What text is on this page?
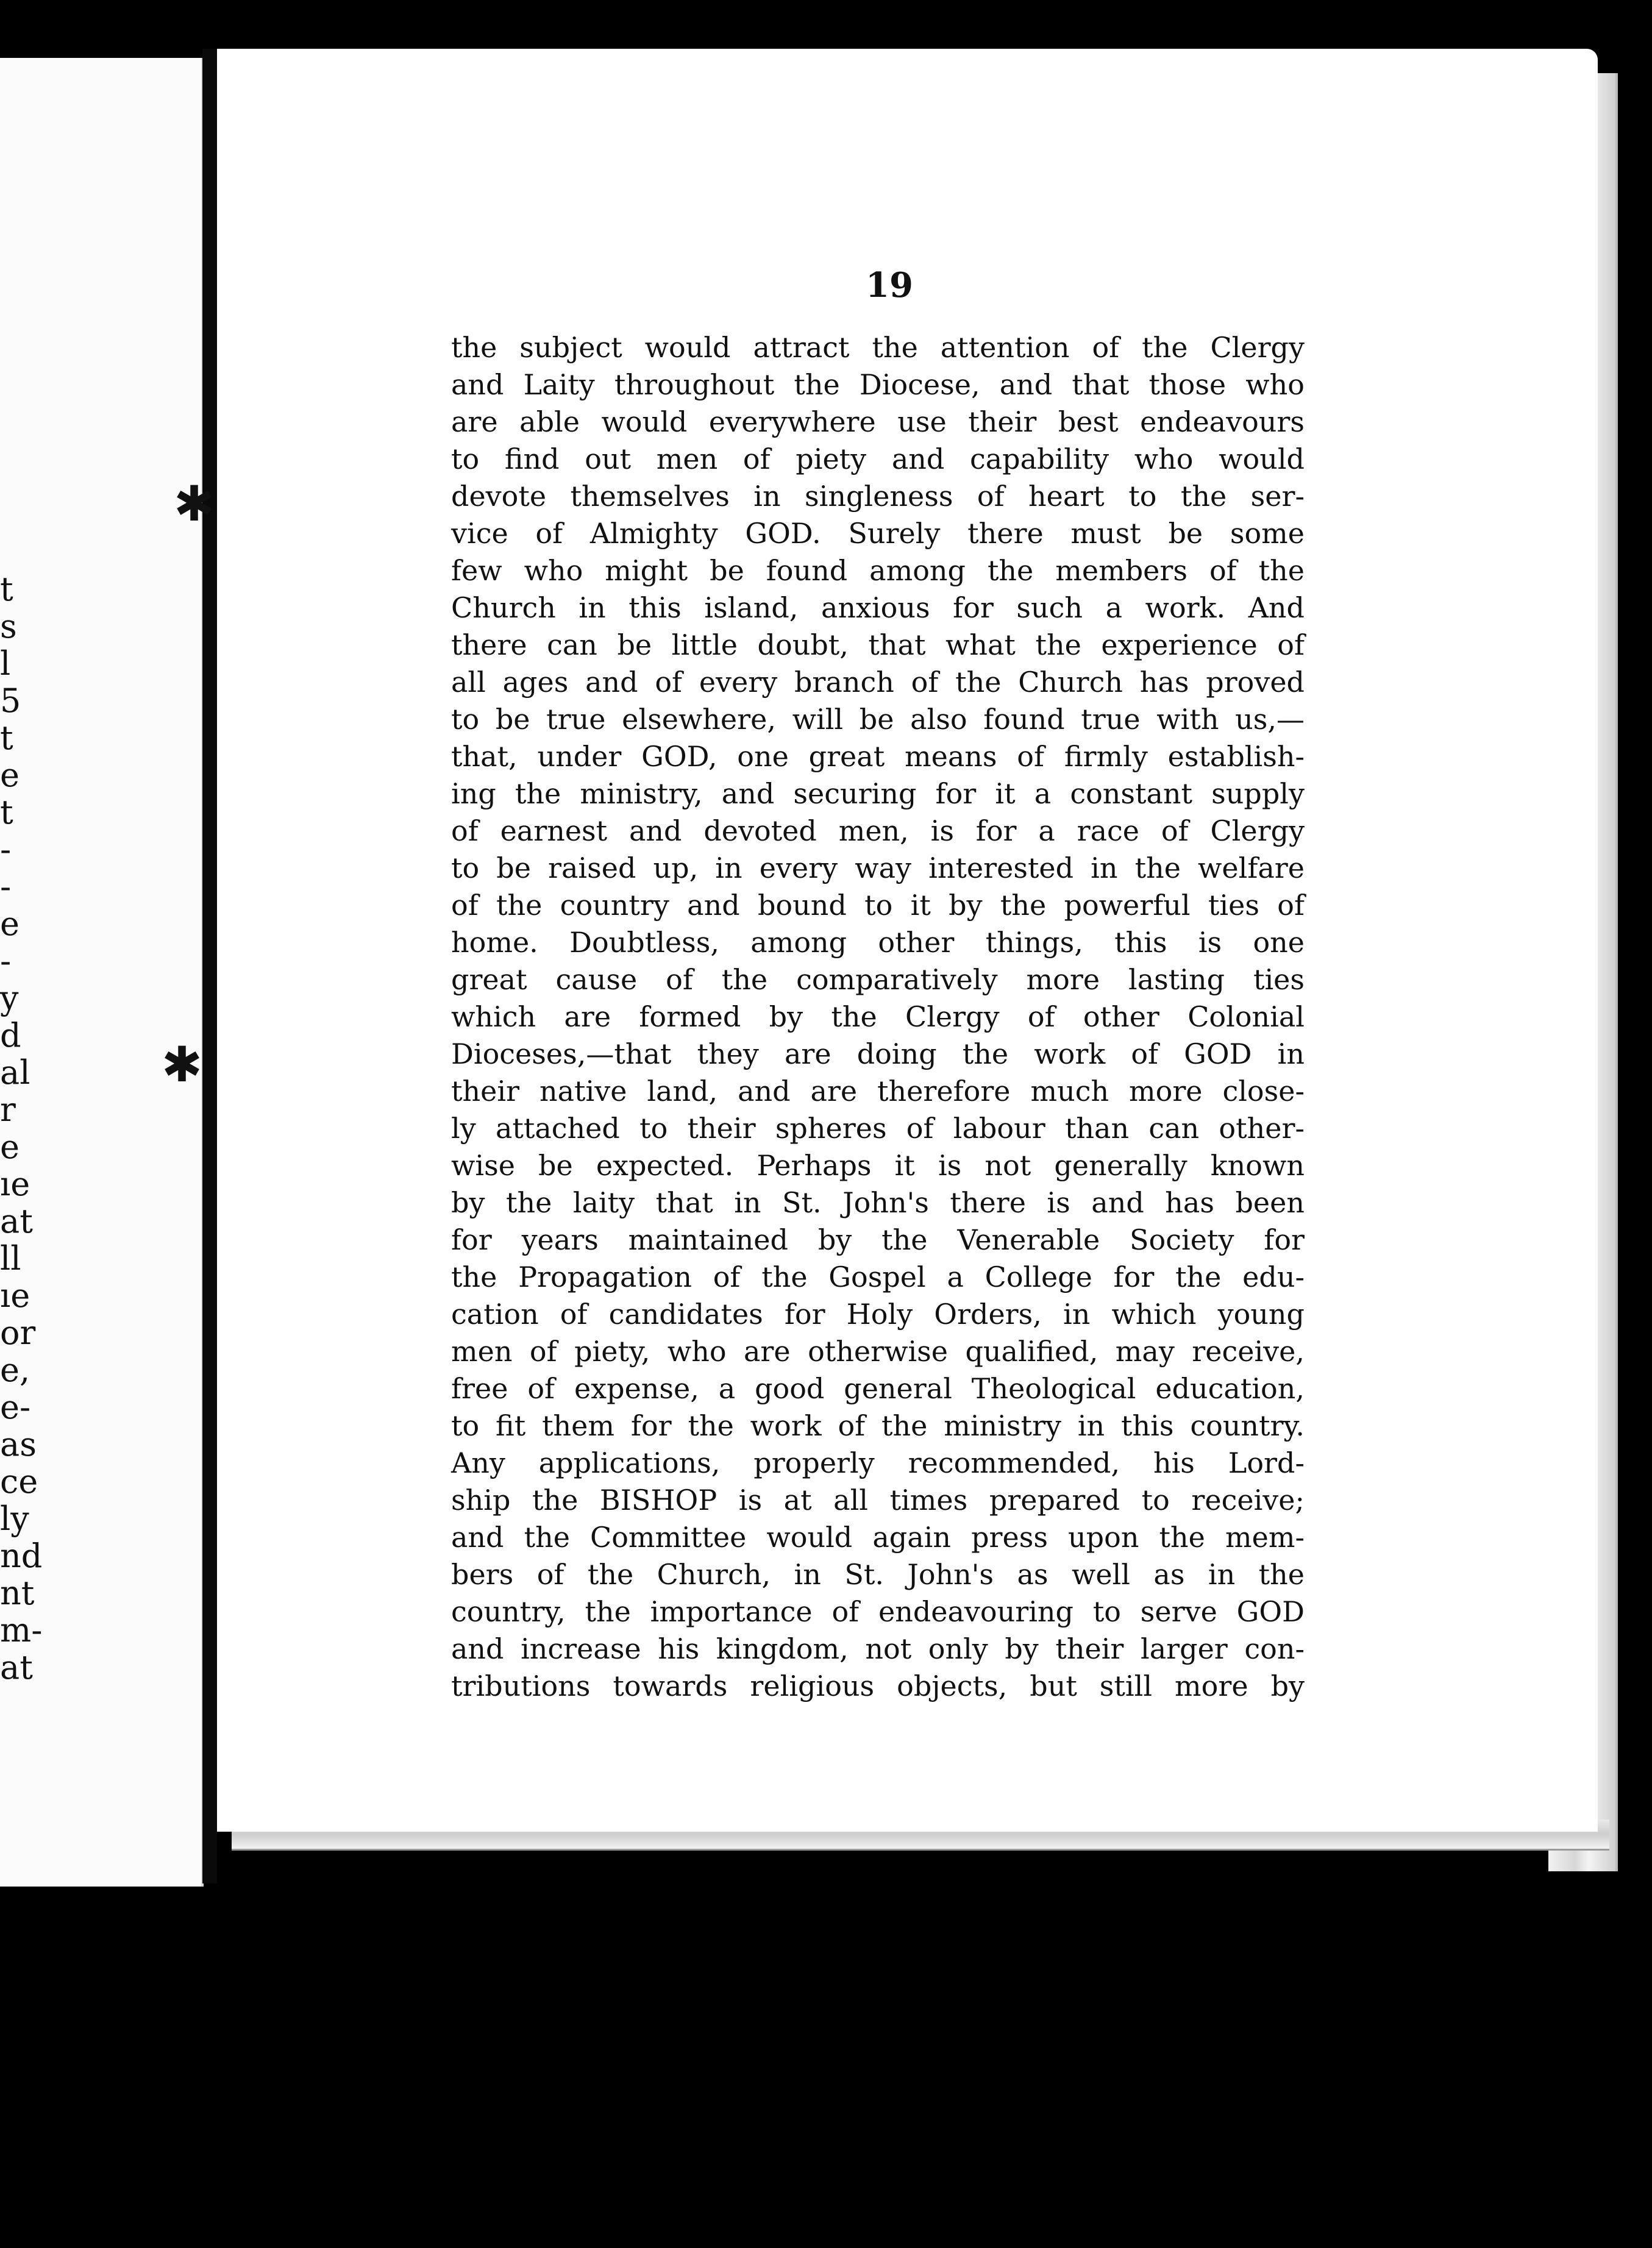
t
s
l
5
t
e
t
-
-
e
-
y
d
al
r
e
ıe
at
ll
ıe
or
e,
e-
as
ce
ly
nd
nt
m-
at
✱
✱
19
the subject would attract the attention of the Clergy
and Laity throughout the Diocese, and that those who
are able would everywhere use their best endeavours
to find out men of piety and capability who would
devote themselves in singleness of heart to the ser-
vice of Almighty GOD. Surely there must be some
few who might be found among the members of the
Church in this island, anxious for such a work. And
there can be little doubt, that what the experience of
all ages and of every branch of the Church has proved
to be true elsewhere, will be also found true with us,—
that, under GOD, one great means of firmly establish-
ing the ministry, and securing for it a constant supply
of earnest and devoted men, is for a race of Clergy
to be raised up, in every way interested in the welfare
of the country and bound to it by the powerful ties of
home. Doubtless, among other things, this is one
great cause of the comparatively more lasting ties
which are formed by the Clergy of other Colonial
Dioceses,—that they are doing the work of GOD in
their native land, and are therefore much more close-
ly attached to their spheres of labour than can other-
wise be expected. Perhaps it is not generally known
by the laity that in St. John's there is and has been
for years maintained by the Venerable Society for
the Propagation of the Gospel a College for the edu-
cation of candidates for Holy Orders, in which young
men of piety, who are otherwise qualified, may receive,
free of expense, a good general Theological education,
to fit them for the work of the ministry in this country.
Any applications, properly recommended, his Lord-
ship the BISHOP is at all times prepared to receive;
and the Committee would again press upon the mem-
bers of the Church, in St. John's as well as in the
country, the importance of endeavouring to serve GOD
and increase his kingdom, not only by their larger con-
tributions towards religious objects, but still more by
